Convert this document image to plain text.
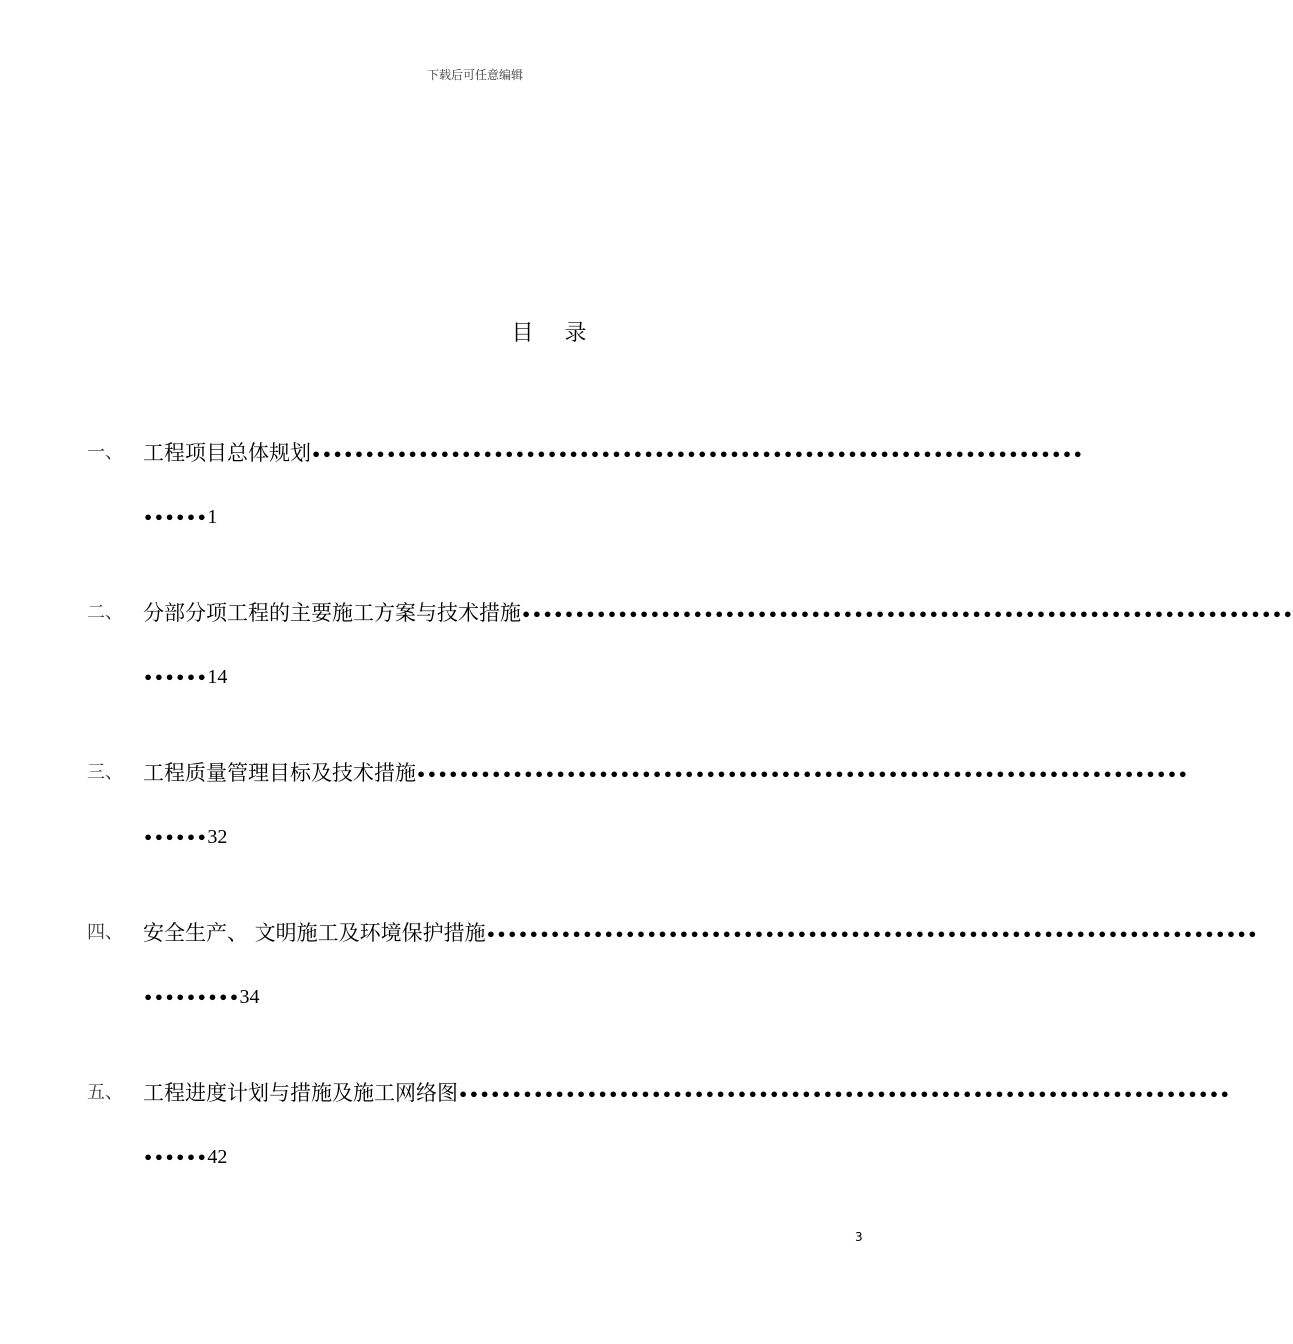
下载后可任意编辑
目 录
一、 工程项目总体规划••••••••••••••••••••••••••••••••••••••••••••••••••••••••••••••••••••••••
••••••1
二、 分部分项工程的主要施工方案与技术措施••••••••••••••••••••••••••••••••••••••••••••••••••••••••••••••••••••••••
••••••14
三、 工程质量管理目标及技术措施••••••••••••••••••••••••••••••••••••••••••••••••••••••••••••••••••••••••
••••••32
四、 安全生产、 文明施工及环境保护措施••••••••••••••••••••••••••••••••••••••••••••••••••••••••••••••••••••••••
•••••••••34
五、 工程进度计划与措施及施工网络图••••••••••••••••••••••••••••••••••••••••••••••••••••••••••••••••••••••••
••••••42
3
